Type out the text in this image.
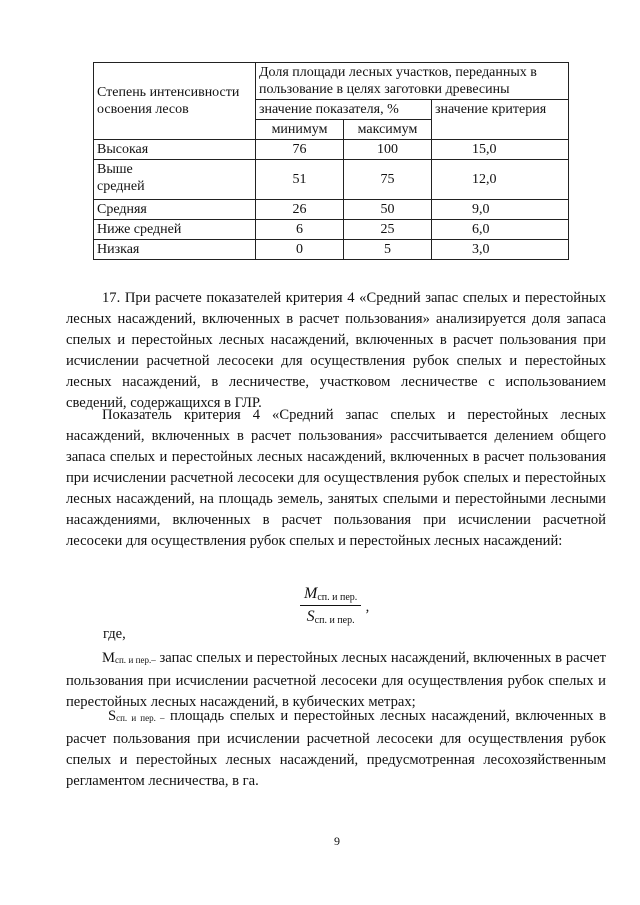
Степень интенсивности освоения лесов	Доля площади лесных участков, переданных в пользование в целях заготовки древесины		
	значение показателя, %		значение критерия
	минимум	максимум	
Высокая	76	100	15,0
Выше средней	51	75	12,0
Средняя	26	50	9,0
Ниже средней	6	25	6,0
Низкая	0	5	3,0

17. При расчете показателей критерия 4 «Средний запас спелых и перестойных лесных насаждений, включенных в расчет пользования» анализируется доля запаса спелых и перестойных лесных насаждений, включенных в расчет пользования при исчислении расчетной лесосеки для осуществления рубок спелых и перестойных лесных насаждений, в лесничестве, участковом лесничестве с использованием сведений, содержащихся в ГЛР.

Показатель критерия 4 «Средний запас спелых и перестойных лесных насаждений, включенных в расчет пользования» рассчитывается делением общего запаса спелых и перестойных лесных насаждений, включенных в расчет пользования при исчислении расчетной лесосеки для осуществления рубок спелых и перестойных лесных насаждений, на площадь земель, занятых спелыми и перестойными лесными насаждениями, включенных в расчет пользования при исчислении расчетной лесосеки для осуществления рубок спелых и перестойных лесных насаждений:

$M_{сп. и пер.}$
$S_{сп. и пер.}$
,
где,

$M_{сп. и пер.-}$ запас спелых и перестойных лесных насаждений, включенных в расчет пользования при исчислении расчетной лесосеки для осуществления рубок спелых и перестойных лесных насаждений, в кубических метрах;

$S_{сп. и пер. -}$ площадь спелых и перестойных лесных насаждений, включенных в расчет пользования при исчислении расчетной лесосеки для осуществления рубок спелых и перестойных лесных насаждений, предусмотренная лесохозяйственным регламентом лесничества, в га.

9
